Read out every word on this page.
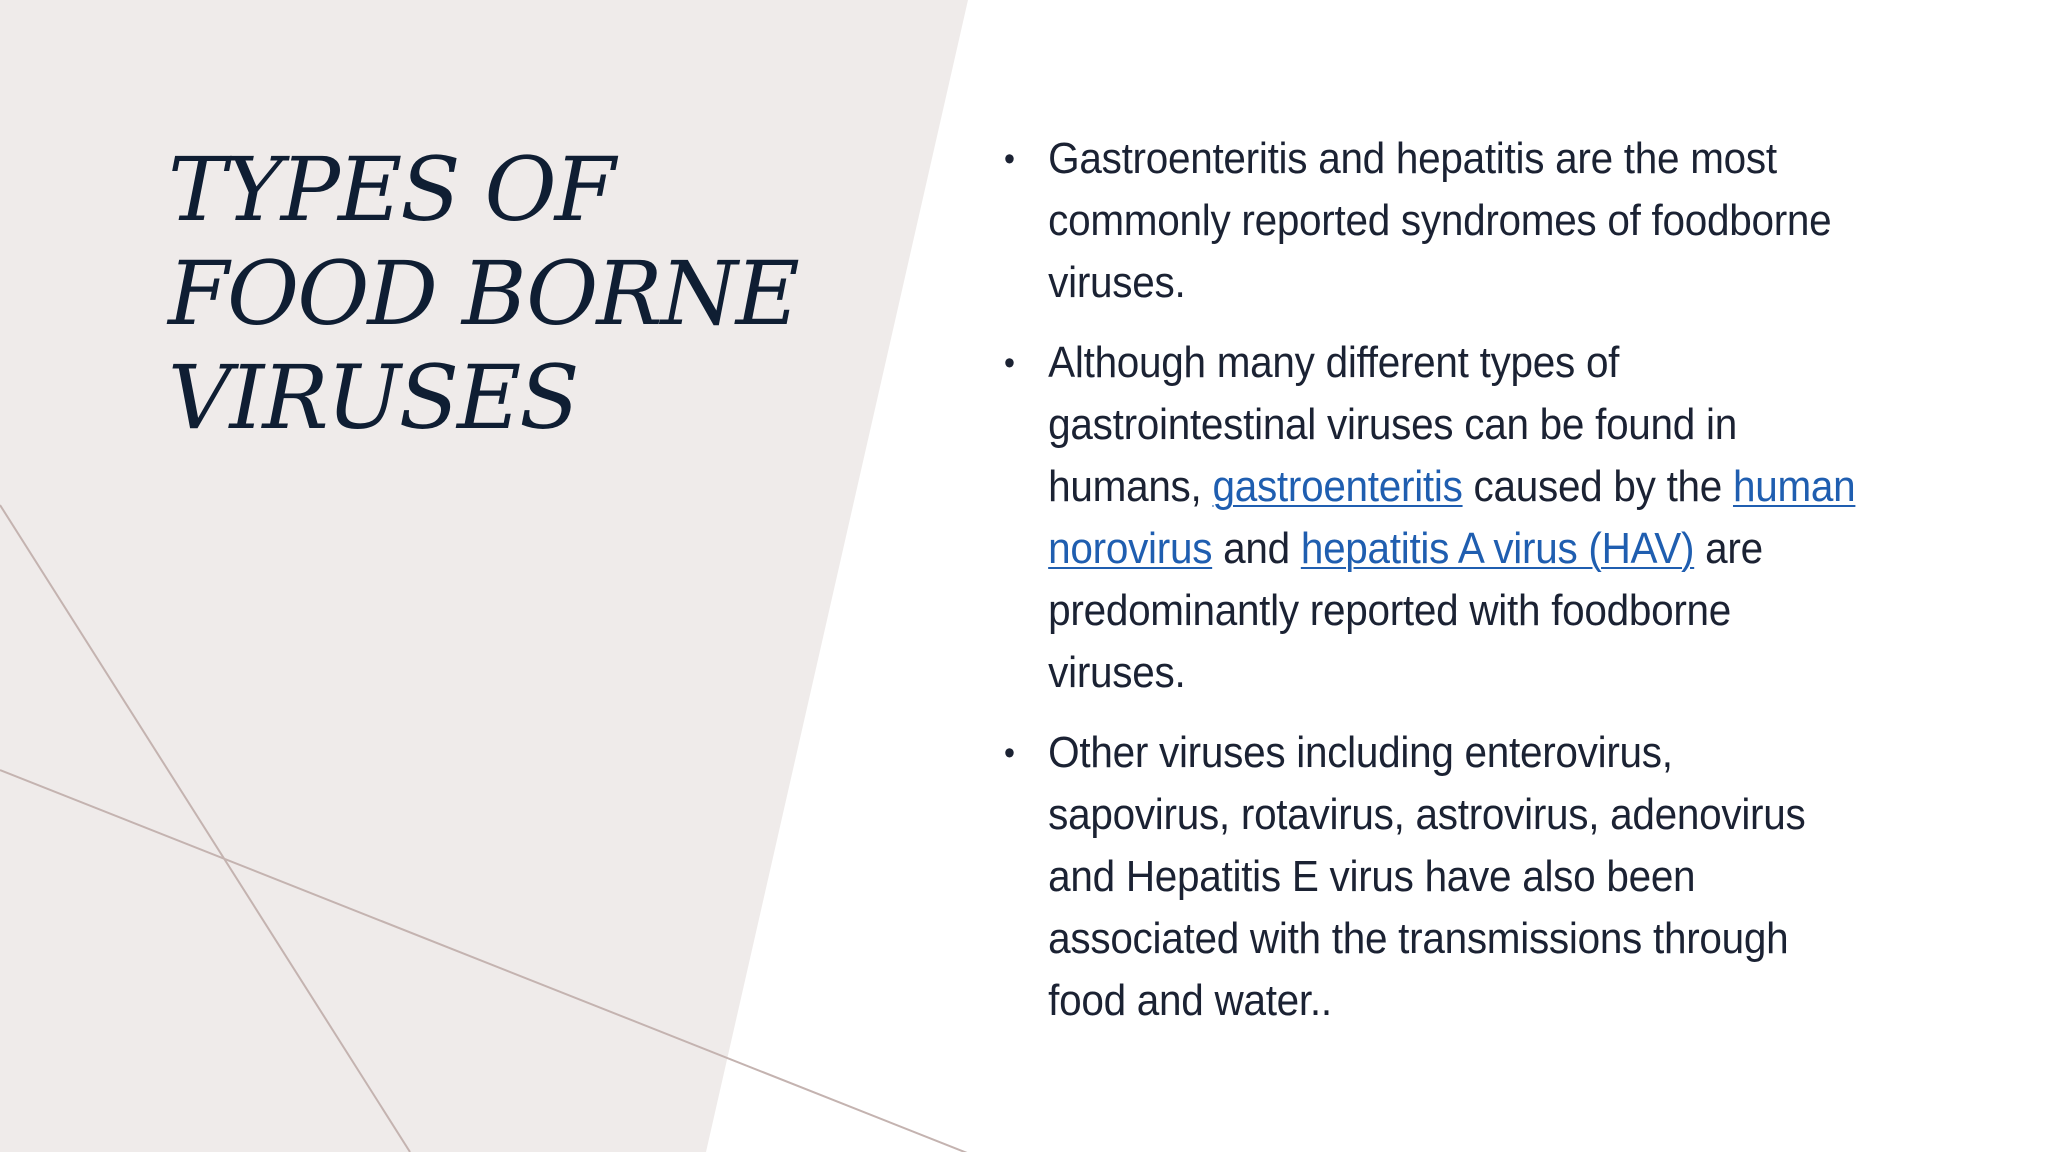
TYPES OF
FOOD BORNE
VIRUSES
• Gastroenteritis and hepatitis are the most commonly reported syndromes of foodborne viruses.
• Although many different types of gastrointestinal viruses can be found in humans, gastroenteritis caused by the human norovirus and hepatitis A virus (HAV) are predominantly reported with foodborne viruses.
• Other viruses including enterovirus, sapovirus, rotavirus, astrovirus, adenovirus and Hepatitis E virus have also been associated with the transmissions through food and water..
